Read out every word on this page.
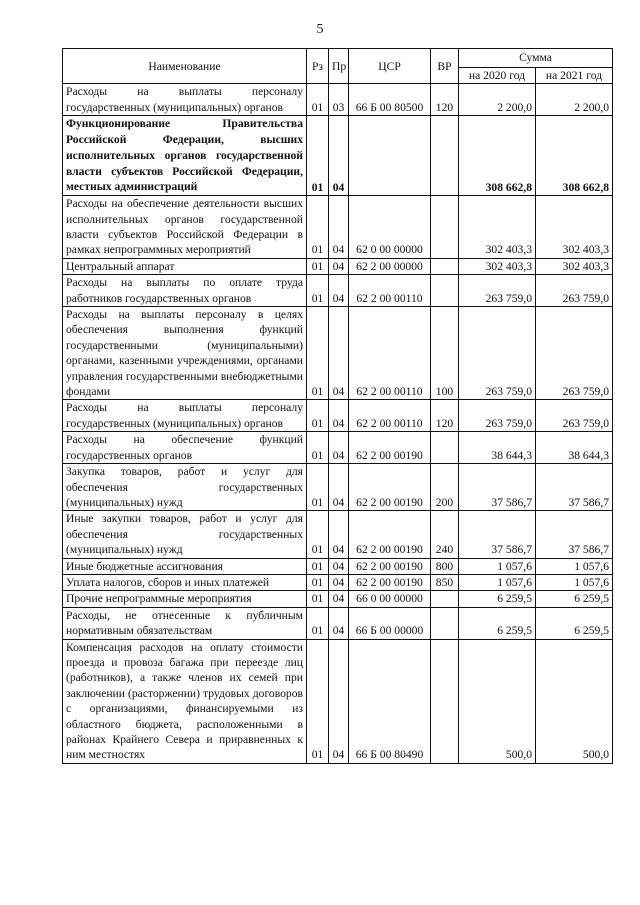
5
Наименование	Рз	Пр	ЦСР	ВР	Сумма	
					на 2020 год	на 2021 год
Расходы на выплаты персоналу государственных (муниципальных) органов	01	03	66 Б 00 80500	120	2 200,0	2 200,0
Функционирование Правительства Российской Федерации, высших исполнительных органов государственной власти субъектов Российской Федерации, местных администраций	01	04			308 662,8	308 662,8
Расходы на обеспечение деятельности высших исполнительных органов государственной власти субъектов Российской Федерации в рамках непрограммных мероприятий	01	04	62 0 00 00000		302 403,3	302 403,3
Центральный аппарат	01	04	62 2 00 00000		302 403,3	302 403,3
Расходы на выплаты по оплате труда работников государственных органов	01	04	62 2 00 00110		263 759,0	263 759,0
Расходы на выплаты персоналу в целях обеспечения выполнения функций государственными (муниципальными) органами, казенными учреждениями, органами управления государственными внебюджетными фондами	01	04	62 2 00 00110	100	263 759,0	263 759,0
Расходы на выплаты персоналу государственных (муниципальных) органов	01	04	62 2 00 00110	120	263 759,0	263 759,0
Расходы на обеспечение функций государственных органов	01	04	62 2 00 00190		38 644,3	38 644,3
Закупка товаров, работ и услуг для обеспечения государственных (муниципальных) нужд	01	04	62 2 00 00190	200	37 586,7	37 586,7
Иные закупки товаров, работ и услуг для обеспечения государственных (муниципальных) нужд	01	04	62 2 00 00190	240	37 586,7	37 586,7
Иные бюджетные ассигнования	01	04	62 2 00 00190	800	1 057,6	1 057,6
Уплата налогов, сборов и иных платежей	01	04	62 2 00 00190	850	1 057,6	1 057,6
Прочие непрограммные мероприятия	01	04	66 0 00 00000		6 259,5	6 259,5
Расходы, не отнесенные к публичным нормативным обязательствам	01	04	66 Б 00 00000		6 259,5	6 259,5
Компенсация расходов на оплату стоимости проезда и провоза багажа при переезде лиц (работников), а также членов их семей при заключении (расторжении) трудовых договоров с организациями, финансируемыми из областного бюджета, расположенными в районах Крайнего Севера и приравненных к ним местностях	01	04	66 Б 00 80490		500,0	500,0
